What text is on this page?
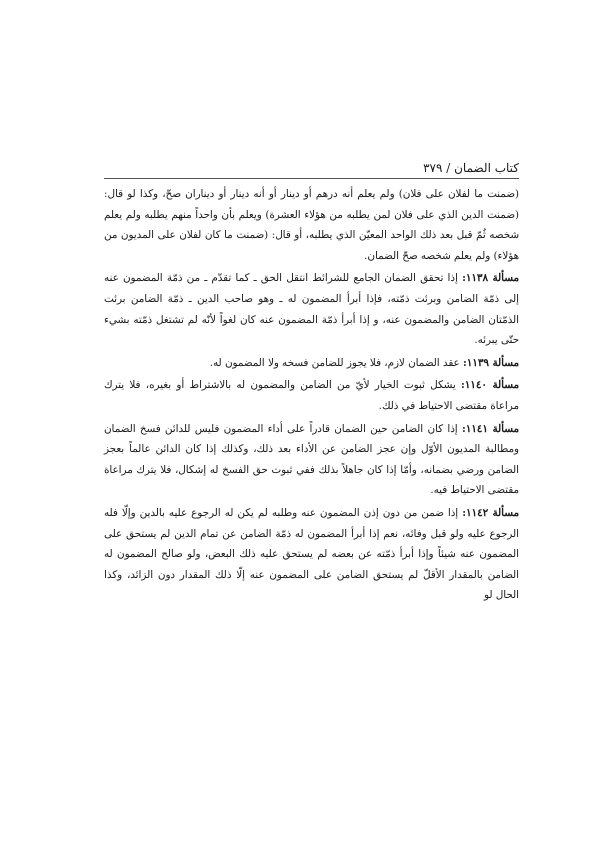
كتاب الضمان / ٣٧٩

(ضمنت ما لفلان على فلان) ولم يعلم أنه درهم أو دينار أو أنه دينار أو ديناران صحّ، وكذا لو قال: (ضمنت الدين الذي على فلان لمن يطلبه من هؤلاء العشرة) ويعلم بأن واحداً منهم يطلبه ولم يعلم شخصه ثُمّ قبل بعد ذلك الواحد المعيّن الذي يطلبه، أو قال: (ضمنت ما كان لفلان على المديون من هؤلاء) ولم يعلم شخصه صحّ الضمان.

مسألة ١١٣٨: إذا تحقق الضمان الجامع للشرائط انتقل الحق ـ كما تقدّم ـ من ذمّة المضمون عنه إلى ذمّة الضامن وبرئت ذمّته، فإذا أبرأ المضمون له ـ وهو صاحب الدين ـ ذمّة الضامن برئت الذمّتان الضامن والمضمون عنه، و إذا أبرأ ذمّة المضمون عنه كان لغواً لأنّه لم تشتغل ذمّته بشيء حتّى يبرئه.

مسألة ١١٣٩: عقد الضمان لازم، فلا يجوز للضامن فسخه ولا المضمون له.

مسألة ١١٤٠: يشكل ثبوت الخيار لأيّ من الضامن والمضمون له بالاشتراط أو بغيره، فلا يترك مراعاة مقتضى الاحتياط في ذلك.

مسألة ١١٤١: إذا كان الضامن حين الضمان قادراً على أداء المضمون فليس للدائن فسخ الضمان ومطالبة المديون الأوّل وإن عجز الضامن عن الأداء بعد ذلك، وكذلك إذا كان الدائن عالماً بعجز الضامن ورضي بضمانه، وأمّا إذا كان جاهلاً بذلك ففي ثبوت حق الفسخ له إشكال، فلا يترك مراعاة مقتضى الاحتياط فيه.

مسألة ١١٤٢: إذا ضمن من دون إذن المضمون عنه وطلبه لم يكن له الرجوع عليه بالدين وإلّا فله الرجوع عليه ولو قبل وفائه، نعم إذا أبرأ المضمون له ذمّة الضامن عن تمام الدين لم يستحق على المضمون عنه شيئاً وإذا أبرأ ذمّته عن بعضه لم يستحق عليه ذلك البعض، ولو صالح المضمون له الضامن بالمقدار الأقلّ لم يستحق الضامن على المضمون عنه إلّا ذلك المقدار دون الزائد، وكذا الحال لو
